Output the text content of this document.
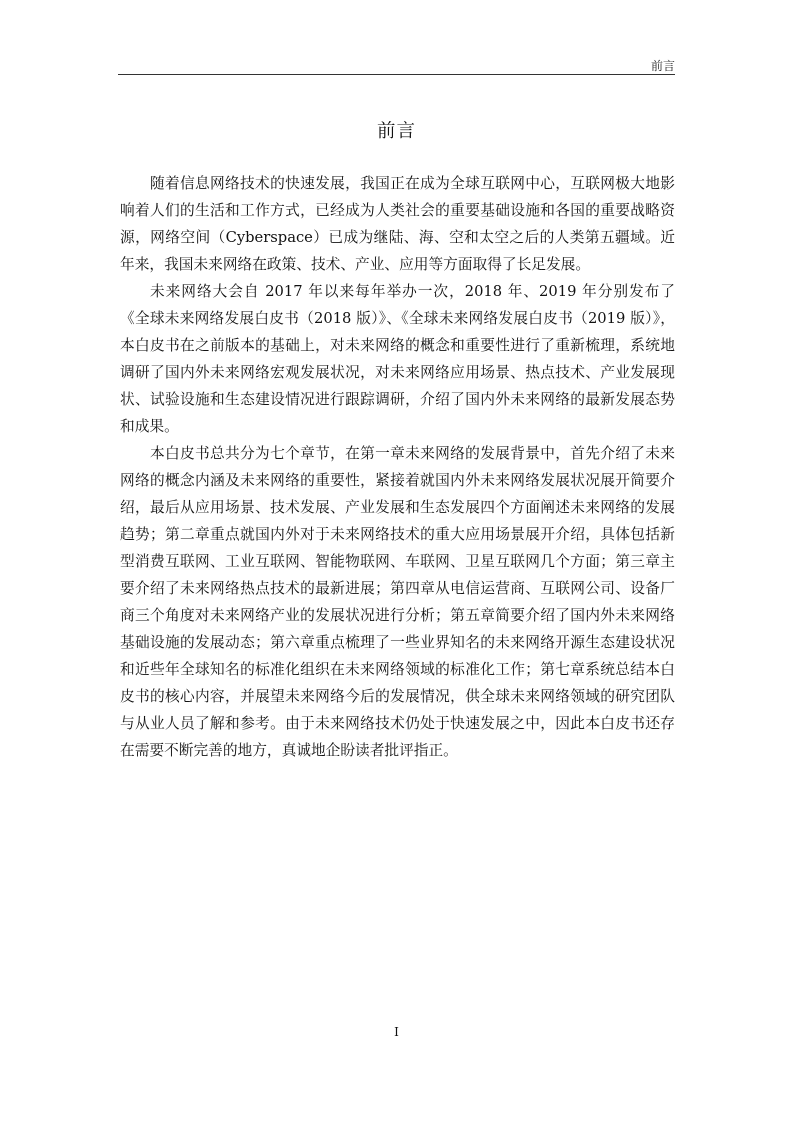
前言
前言

随着信息网络技术的快速发展，我国正在成为全球互联网中心，互联网极大地影响着人们的生活和工作方式，已经成为人类社会的重要基础设施和各国的重要战略资源，网络空间（Cyberspace）已成为继陆、海、空和太空之后的人类第五疆域。近年来，我国未来网络在政策、技术、产业、应用等方面取得了长足发展。

未来网络大会自 2017 年以来每年举办一次，2018 年、2019 年分别发布了《全球未来网络发展白皮书（2018 版）》、《全球未来网络发展白皮书（2019 版）》，本白皮书在之前版本的基础上，对未来网络的概念和重要性进行了重新梳理，系统地调研了国内外未来网络宏观发展状况，对未来网络应用场景、热点技术、产业发展现状、试验设施和生态建设情况进行跟踪调研，介绍了国内外未来网络的最新发展态势和成果。

本白皮书总共分为七个章节，在第一章未来网络的发展背景中，首先介绍了未来网络的概念内涵及未来网络的重要性，紧接着就国内外未来网络发展状况展开简要介绍，最后从应用场景、技术发展、产业发展和生态发展四个方面阐述未来网络的发展趋势；第二章重点就国内外对于未来网络技术的重大应用场景展开介绍，具体包括新型消费互联网、工业互联网、智能物联网、车联网、卫星互联网几个方面；第三章主要介绍了未来网络热点技术的最新进展；第四章从电信运营商、互联网公司、设备厂商三个角度对未来网络产业的发展状况进行分析；第五章简要介绍了国内外未来网络基础设施的发展动态；第六章重点梳理了一些业界知名的未来网络开源生态建设状况和近些年全球知名的标准化组织在未来网络领域的标准化工作；第七章系统总结本白皮书的核心内容，并展望未来网络今后的发展情况，供全球未来网络领域的研究团队与从业人员了解和参考。由于未来网络技术仍处于快速发展之中，因此本白皮书还存在需要不断完善的地方，真诚地企盼读者批评指正。

I
